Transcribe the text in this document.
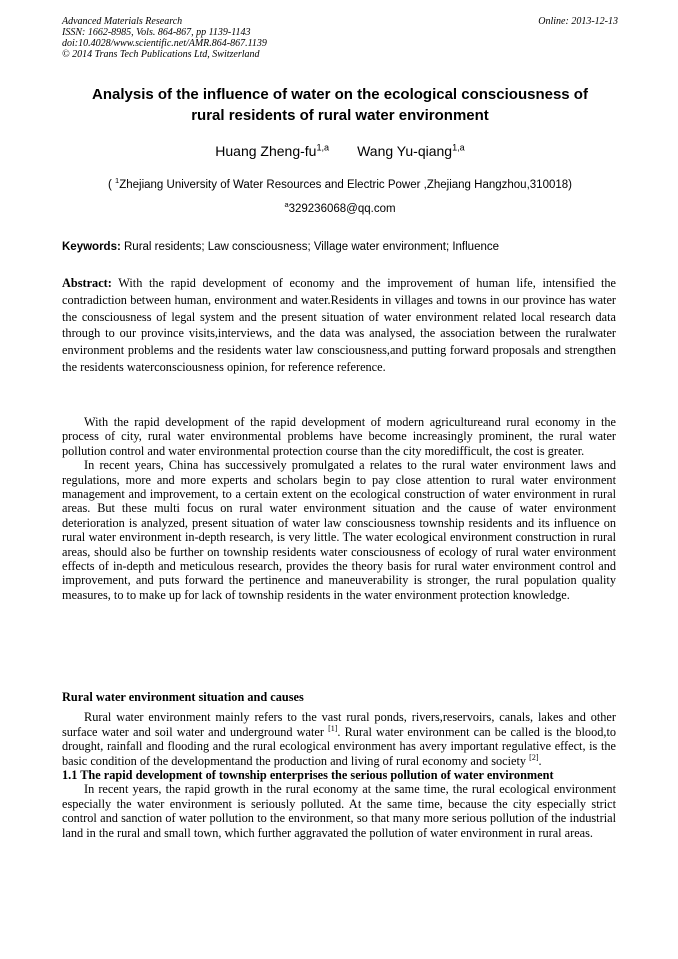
Advanced Materials Research
ISSN: 1662-8985, Vols. 864-867, pp 1139-1143
doi:10.4028/www.scientific.net/AMR.864-867.1139
© 2014 Trans Tech Publications Ltd, Switzerland
Online: 2013-12-13
Analysis of the influence of water on the ecological consciousness of
rural residents of rural water environment
Huang Zheng-fu$^{1,a}$ Wang Yu-qiang$^{1,a}$
( $^1$Zhejiang University of Water Resources and Electric Power ,Zhejiang Hangzhou,310018)
$^a$329236068@qq.com
Keywords: Rural residents; Law consciousness; Village water environment; Influence
Abstract: With the rapid development of economy and the improvement of human life, intensified the contradiction between human, environment and water.Residents in villages and towns in our province has water the consciousness of legal system and the present situation of water environment related local research data through to our province visits,interviews, and the data was analysed, the association between the ruralwater environment problems and the residents water law consciousness,and putting forward proposals and strengthen the residents waterconsciousness opinion, for reference reference.

With the rapid development of the rapid development of modern agricultureand rural economy in the process of city, rural water environmental problems have become increasingly prominent, the rural water pollution control and water environmental protection course than the city moredifficult, the cost is greater.

In recent years, China has successively promulgated a relates to the rural water environment laws and regulations, more and more experts and scholars begin to pay close attention to rural water environment management and improvement, to a certain extent on the ecological construction of water environment in rural areas. But these multi focus on rural water environment situation and the cause of water environment deterioration is analyzed, present situation of water law consciousness township residents and its influence on rural water environment in-depth research, is very little. The water ecological environment construction in rural areas, should also be further on township residents water consciousness of ecology of rural water environment effects of in-depth and meticulous research, provides the theory basis for rural water environment control and improvement, and puts forward the pertinence and maneuverability is stronger, the rural population quality measures, to to make up for lack of township residents in the water environment protection knowledge.

Rural water environment situation and causes

Rural water environment mainly refers to the vast rural ponds, rivers,reservoirs, canals, lakes and other surface water and soil water and underground water [1]. Rural water environment can be called is the blood,to drought, rainfall and flooding and the rural ecological environment has avery important regulative effect, is the basic condition of the developmentand the production and living of rural economy and society [2].

1.1 The rapid development of township enterprises the serious pollution of water environment

In recent years, the rapid growth in the rural economy at the same time, the rural ecological environment especially the water environment is seriously polluted. At the same time, because the city especially strict control and sanction of water pollution to the environment, so that many more serious pollution of the industrial land in the rural and small town, which further aggravated the pollution of water environment in rural areas.
